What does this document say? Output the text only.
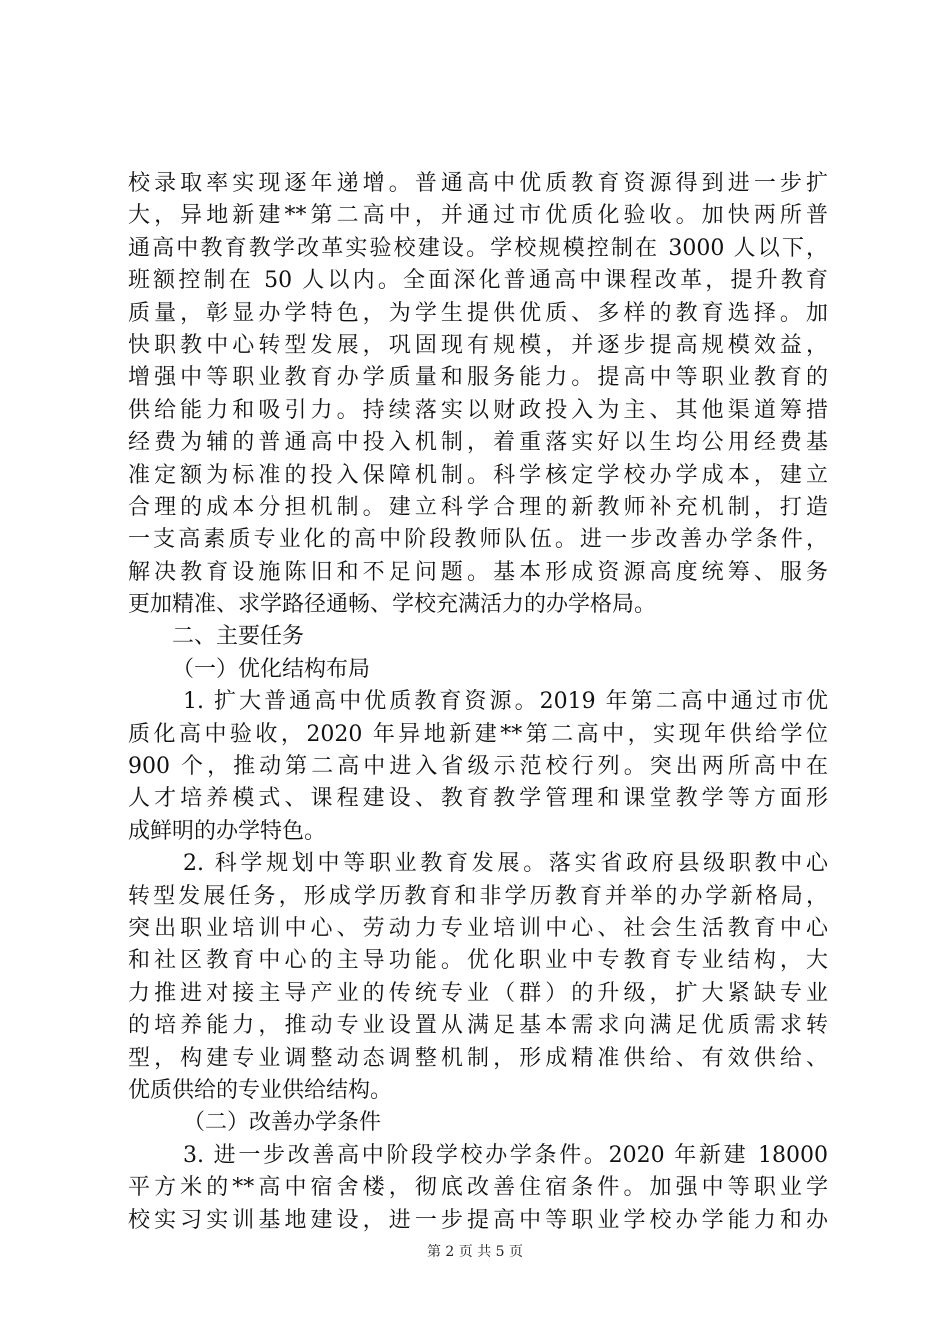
校录取率实现逐年递增。普通高中优质教育资源得到进一步扩
大，异地新建**第二高中，并通过市优质化验收。加快两所普
通高中教育教学改革实验校建设。学校规模控制在 3000 人以下，
班额控制在 50 人以内。全面深化普通高中课程改革，提升教育
质量，彰显办学特色，为学生提供优质、多样的教育选择。加
快职教中心转型发展，巩固现有规模，并逐步提高规模效益，
增强中等职业教育办学质量和服务能力。提高中等职业教育的
供给能力和吸引力。持续落实以财政投入为主、其他渠道筹措
经费为辅的普通高中投入机制，着重落实好以生均公用经费基
准定额为标准的投入保障机制。科学核定学校办学成本，建立
合理的成本分担机制。建立科学合理的新教师补充机制，打造
一支高素质专业化的高中阶段教师队伍。进一步改善办学条件，
解决教育设施陈旧和不足问题。基本形成资源高度统筹、服务
更加精准、求学路径通畅、学校充满活力的办学格局。
二、主要任务
（一）优化结构布局
1. 扩大普通高中优质教育资源。2019 年第二高中通过市优
质化高中验收，2020 年异地新建**第二高中，实现年供给学位
900 个，推动第二高中进入省级示范校行列。突出两所高中在
人才培养模式、课程建设、教育教学管理和课堂教学等方面形
成鲜明的办学特色。
2. 科学规划中等职业教育发展。落实省政府县级职教中心
转型发展任务，形成学历教育和非学历教育并举的办学新格局，
突出职业培训中心、劳动力专业培训中心、社会生活教育中心
和社区教育中心的主导功能。优化职业中专教育专业结构，大
力推进对接主导产业的传统专业（群）的升级，扩大紧缺专业
的培养能力，推动专业设置从满足基本需求向满足优质需求转
型，构建专业调整动态调整机制，形成精准供给、有效供给、
优质供给的专业供给结构。
（二）改善办学条件
3. 进一步改善高中阶段学校办学条件。2020 年新建 18000
平方米的**高中宿舍楼，彻底改善住宿条件。加强中等职业学
校实习实训基地建设，进一步提高中等职业学校办学能力和办
第 2 页 共 5 页
